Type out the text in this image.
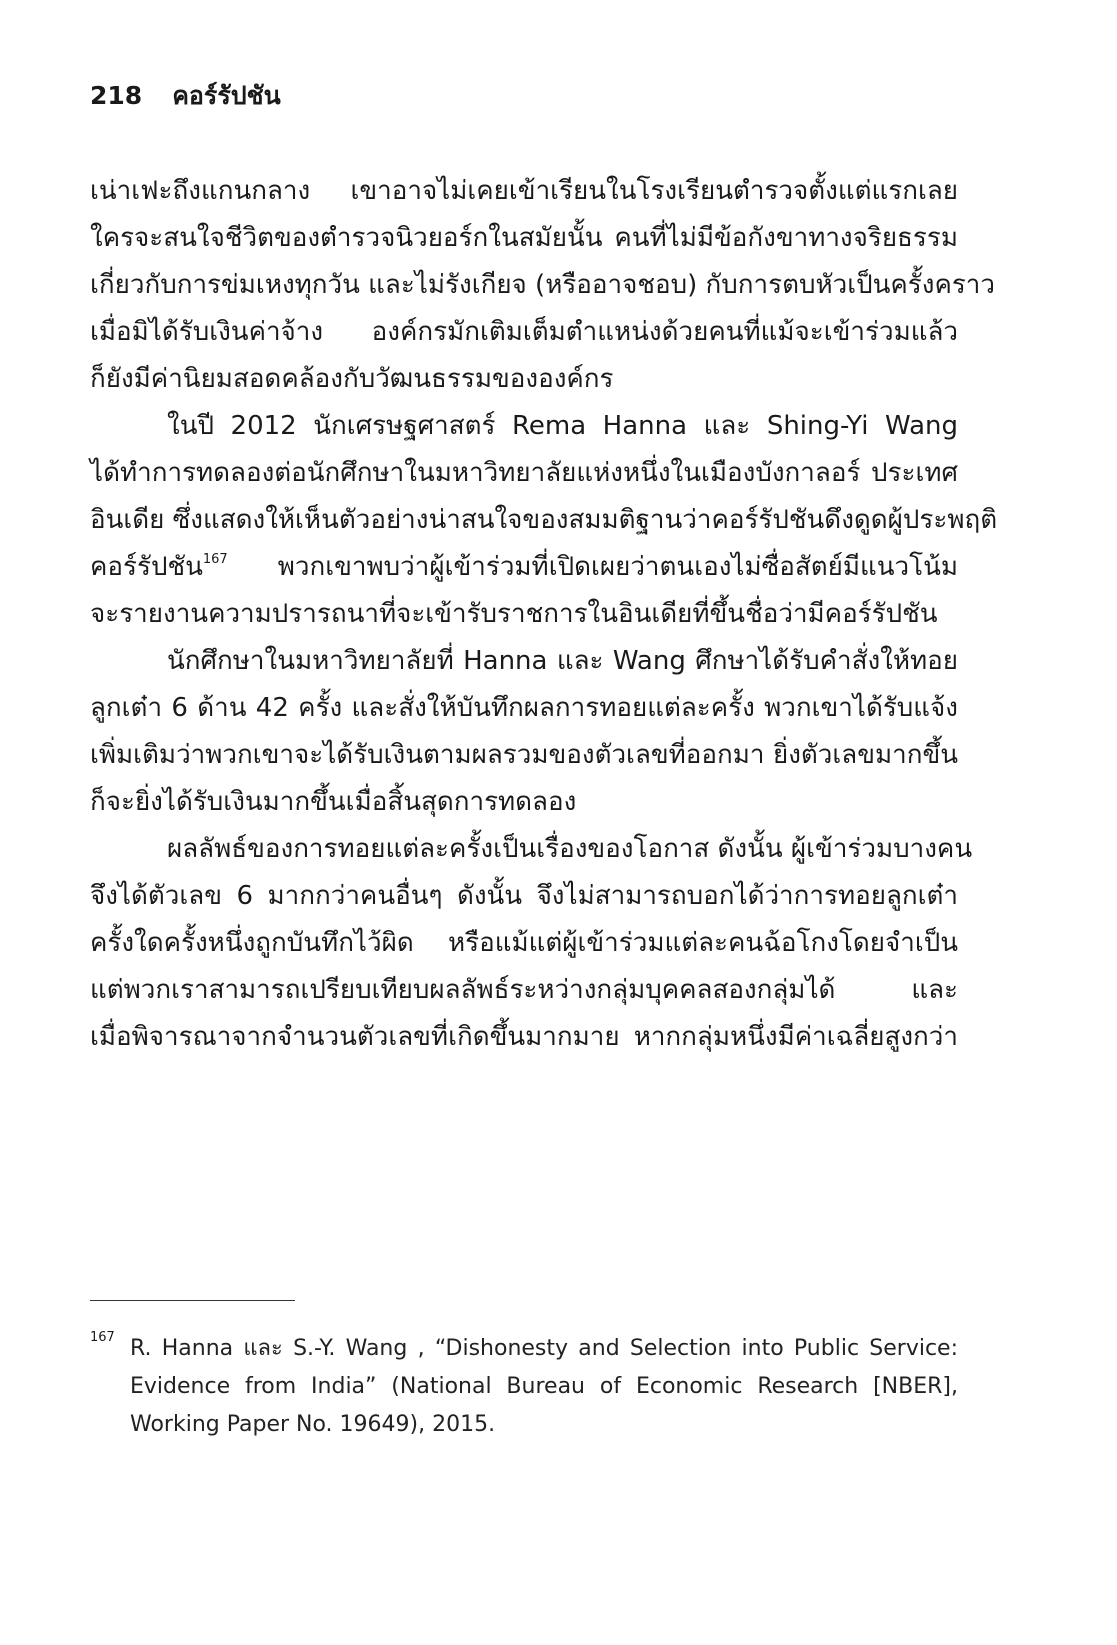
218 คอร์รัปชัน
เน่าเฟะถึงแกนกลาง เขาอาจไม่เคยเข้าเรียนในโรงเรียนตำรวจตั้งแต่แรกเลย
ใครจะสนใจชีวิตของตำรวจนิวยอร์กในสมัยนั้น คนที่ไม่มีข้อกังขาทางจริยธรรม
เกี่ยวกับการข่มเหงทุกวัน และไม่รังเกียจ (หรืออาจชอบ) กับการตบหัวเป็นครั้งคราว
เมื่อมิได้รับเงินค่าจ้าง องค์กรมักเติมเต็มตำแหน่งด้วยคนที่แม้จะเข้าร่วมแล้ว
ก็ยังมีค่านิยมสอดคล้องกับวัฒนธรรมขององค์กร
ในปี 2012 นักเศรษฐศาสตร์ Rema Hanna และ Shing-Yi Wang
ได้ทำการทดลองต่อนักศึกษาในมหาวิทยาลัยแห่งหนึ่งในเมืองบังกาลอร์ ประเทศ
อินเดีย ซึ่งแสดงให้เห็นตัวอย่างน่าสนใจของสมมติฐานว่าคอร์รัปชันดึงดูดผู้ประพฤติ
คอร์รัปชัน$^{167}$ พวกเขาพบว่าผู้เข้าร่วมที่เปิดเผยว่าตนเองไม่ซื่อสัตย์มีแนวโน้ม
จะรายงานความปรารถนาที่จะเข้ารับราชการในอินเดียที่ขึ้นชื่อว่ามีคอร์รัปชัน
นักศึกษาในมหาวิทยาลัยที่ Hanna และ Wang ศึกษาได้รับคำสั่งให้ทอย
ลูกเต๋า 6 ด้าน 42 ครั้ง และสั่งให้บันทึกผลการทอยแต่ละครั้ง พวกเขาได้รับแจ้ง
เพิ่มเติมว่าพวกเขาจะได้รับเงินตามผลรวมของตัวเลขที่ออกมา ยิ่งตัวเลขมากขึ้น
ก็จะยิ่งได้รับเงินมากขึ้นเมื่อสิ้นสุดการทดลอง
ผลลัพธ์ของการทอยแต่ละครั้งเป็นเรื่องของโอกาส ดังนั้น ผู้เข้าร่วมบางคน
จึงได้ตัวเลข 6 มากกว่าคนอื่นๆ ดังนั้น จึงไม่สามารถบอกได้ว่าการทอยลูกเต๋า
ครั้งใดครั้งหนึ่งถูกบันทึกไว้ผิด หรือแม้แต่ผู้เข้าร่วมแต่ละคนฉ้อโกงโดยจำเป็น
แต่พวกเราสามารถเปรียบเทียบผลลัพธ์ระหว่างกลุ่มบุคคลสองกลุ่มได้ และ
เมื่อพิจารณาจากจำนวนตัวเลขที่เกิดขึ้นมากมาย หากกลุ่มหนึ่งมีค่าเฉลี่ยสูงกว่า
167 R. Hanna และ S.-Y. Wang , “Dishonesty and Selection into Public Service:
Evidence from India” (National Bureau of Economic Research [NBER],
Working Paper No. 19649), 2015.
